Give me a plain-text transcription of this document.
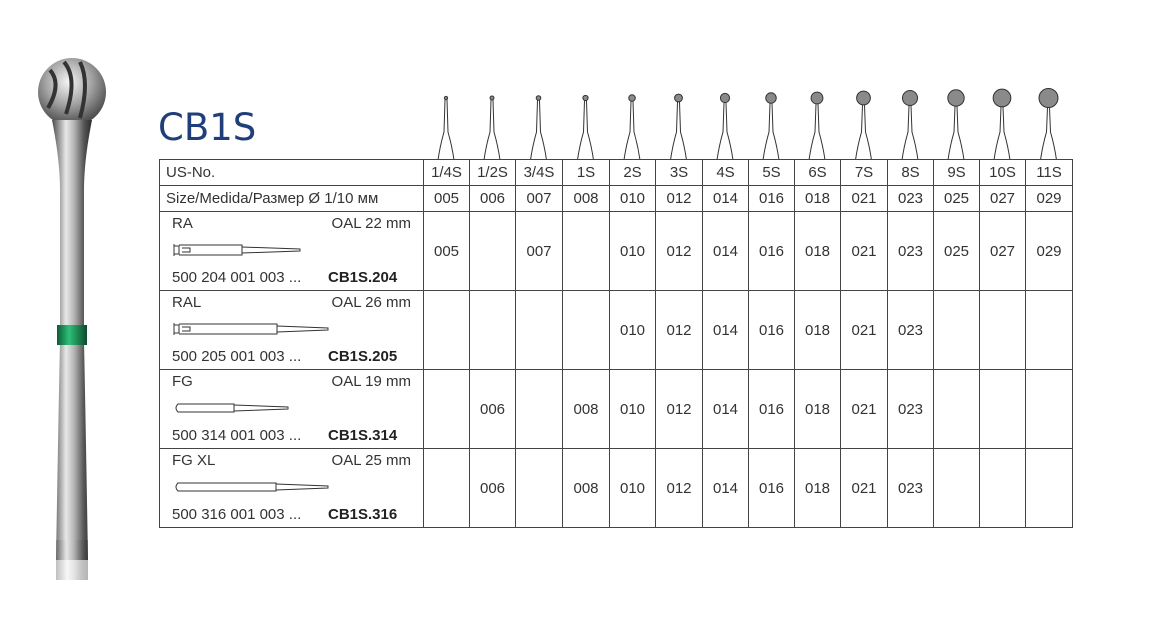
CB1S
US-No.	1/4S	1/2S	3/4S	1S	2S	3S	4S	5S	6S	7S	8S	9S	10S	11S
Size/Medida/Размер Ø 1/10 мм	005	006	007	008	010	012	014	016	018	021	023	025	027	029

RA OAL 22 mm
500 204 001 003 ... CB1S.204	005		007		010	012	014	016	018	021	023	025	027	029

RAL OAL 26 mm
500 205 001 003 ... CB1S.205					010	012	014	016	018	021	023			

FG OAL 19 mm
500 314 001 003 ... CB1S.314		006		008	010	012	014	016	018	021	023			

FG XL OAL 25 mm
500 316 001 003 ... CB1S.316		006		008	010	012	014	016	018	021	023			
